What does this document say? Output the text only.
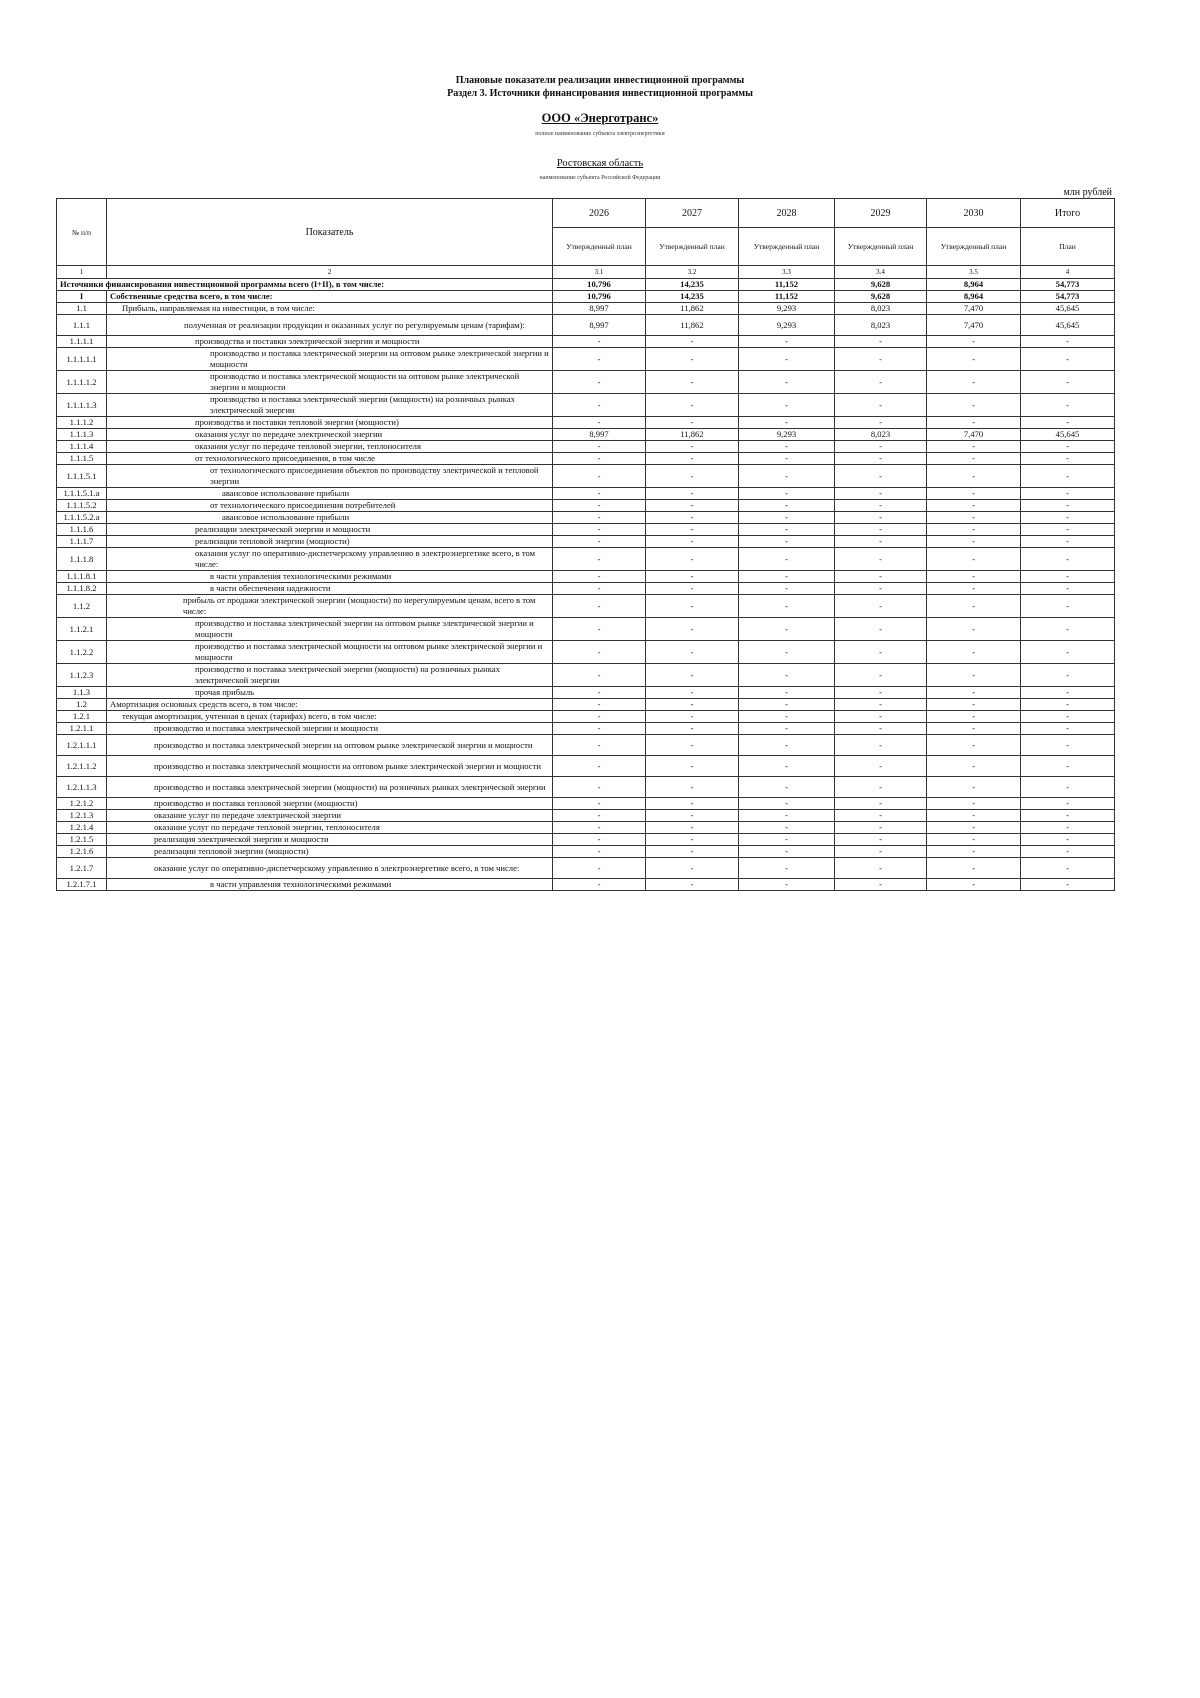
Плановые показатели реализации инвестиционной программы
Раздел 3. Источники финансирования инвестиционной программы
ООО «Энерготранс»
полное наименование субъекта электроэнергетики
Ростовская область
наименование субъекта Российской Федерации
млн рублей
№ п/п	Показатель	2026	2027	2028	2029	2030	Итого
		Утвержденный план	Утвержденный план	Утвержденный план	Утвержденный план	Утвержденный план	План
1	2	3.1	3.2	3.3	3.4	3.5	4
Источники финансирования инвестиционной программы всего (I+II), в том числе:		10,796	14,235	11,152	9,628	8,964	54,773
I	Собственные средства всего, в том числе:	10,796	14,235	11,152	9,628	8,964	54,773
1.1	Прибыль, направляемая на инвестиции, в том числе:	8,997	11,862	9,293	8,023	7,470	45,645
1.1.1	полученная от реализации продукции и оказанных услуг по регулируемым ценам (тарифам):	8,997	11,862	9,293	8,023	7,470	45,645
1.1.1.1	производства и поставки электрической энергии и мощности	-	-	-	-	-	-
1.1.1.1.1	производство и поставка электрической энергии на оптовом рынке электрической энергии и мощности	-	-	-	-	-	-
1.1.1.1.2	производство и поставка электрической мощности на оптовом рынке электрической энергии и мощности	-	-	-	-	-	-
1.1.1.1.3	производство и поставка электрической энергии (мощности) на розничных рынках электрической энергии	-	-	-	-	-	-
1.1.1.2	производства и поставки тепловой энергии (мощности)	-	-	-	-	-	-
1.1.1.3	оказания услуг по передаче электрической энергии	8,997	11,862	9,293	8,023	7,470	45,645
1.1.1.4	оказания услуг по передаче тепловой энергии, теплоносителя	-	-	-	-	-	-
1.1.1.5	от технологического присоединения, в том числе	-	-	-	-	-	-
1.1.1.5.1	от технологического присоединения объектов по производству электрической и тепловой энергии	-	-	-	-	-	-
1.1.1.5.1.a	авансовое использование прибыли	-	-	-	-	-	-
1.1.1.5.2	от технологического присоединения потребителей	-	-	-	-	-	-
1.1.1.5.2.a	авансовое использование прибыли	-	-	-	-	-	-
1.1.1.6	реализации электрической энергии и мощности	-	-	-	-	-	-
1.1.1.7	реализации тепловой энергии (мощности)	-	-	-	-	-	-
1.1.1.8	оказания услуг по оперативно-диспетчерскому управлению в электроэнергетике всего, в том числе:	-	-	-	-	-	-
1.1.1.8.1	в части управления технологическими режимами	-	-	-	-	-	-
1.1.1.8.2	в части обеспечения надежности	-	-	-	-	-	-
1.1.2	прибыль от продажи электрической энергии (мощности) по нерегулируемым ценам, всего в том числе:	-	-	-	-	-	-
1.1.2.1	производство и поставка электрической энергии на оптовом рынке электрической энергии и мощности	-	-	-	-	-	-
1.1.2.2	производство и поставка электрической мощности на оптовом рынке электрической энергии и мощности	-	-	-	-	-	-
1.1.2.3	производство и поставка электрической энергии (мощности) на розничных рынках электрической энергии	-	-	-	-	-	-
1.1.3	прочая прибыль	-	-	-	-	-	-
1.2	Амортизация основных средств всего, в том числе:	-	-	-	-	-	-
1.2.1	текущая амортизация, учтенная в ценах (тарифах) всего, в том числе:	-	-	-	-	-	-
1.2.1.1	производство и поставка электрической энергии и мощности	-	-	-	-	-	-
1.2.1.1.1	производство и поставка электрической энергии на оптовом рынке электрической энергии и мощности	-	-	-	-	-	-
1.2.1.1.2	производство и поставка электрической мощности на оптовом рынке электрической энергии и мощности	-	-	-	-	-	-
1.2.1.1.3	производство и поставка электрической энергии (мощности) на розничных рынках электрической энергии	-	-	-	-	-	-
1.2.1.2	производство и поставка тепловой энергии (мощности)	-	-	-	-	-	-
1.2.1.3	оказание услуг по передаче электрической энергии	-	-	-	-	-	-
1.2.1.4	оказание услуг по передаче тепловой энергии, теплоносителя	-	-	-	-	-	-
1.2.1.5	реализация электрической энергии и мощности	-	-	-	-	-	-
1.2.1.6	реализации тепловой энергии (мощности)	-	-	-	-	-	-
1.2.1.7	оказание услуг по оперативно-диспетчерскому управлению в электроэнергетике всего, в том числе:	-	-	-	-	-	-
1.2.1.7.1	в части управления технологическими режимами	-	-	-	-	-	-
